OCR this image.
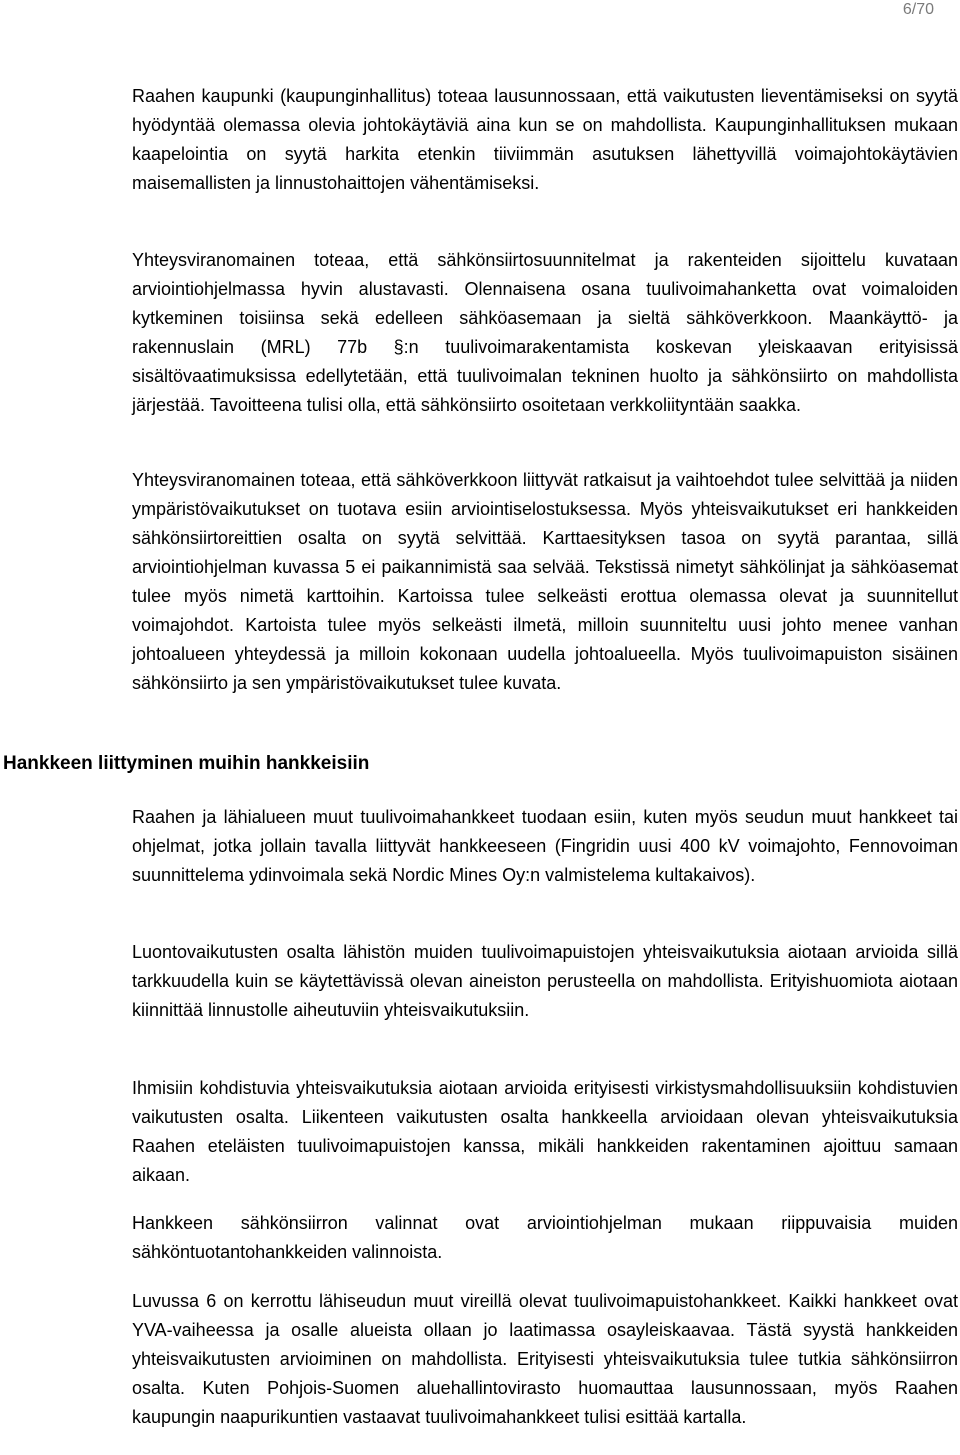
6/70

Raahen kaupunki (kaupunginhallitus) toteaa lausunnossaan, että vaikutusten lieventämiseksi on syytä hyödyntää olemassa olevia johtokäytäviä aina kun se on mahdollista. Kaupunginhallituksen mukaan kaapelointia on syytä harkita etenkin tiiviimmän asutuksen lähettyvillä voimajohtokäytävien maisemallisten ja linnustohaittojen vähentämiseksi.

Yhteysviranomainen toteaa, että sähkönsiirtosuunnitelmat ja rakenteiden sijoittelu kuvataan arviointiohjelmassa hyvin alustavasti. Olennaisena osana tuulivoimahanketta ovat voimaloiden kytkeminen toisiinsa sekä edelleen sähköasemaan ja sieltä sähköverkkoon. Maankäyttö- ja rakennuslain (MRL) 77b §:n tuulivoimarakentamista koskevan yleiskaavan erityisissä sisältövaatimuksissa edellytetään, että tuulivoimalan tekninen huolto ja sähkönsiirto on mahdollista järjestää. Tavoitteena tulisi olla, että sähkönsiirto osoitetaan verkkoliityntään saakka.

Yhteysviranomainen toteaa, että sähköverkkoon liittyvät ratkaisut ja vaihtoehdot tulee selvittää ja niiden ympäristövaikutukset on tuotava esiin arviointiselostuksessa. Myös yhteisvaikutukset eri hankkeiden sähkönsiirtoreittien osalta on syytä selvittää. Karttaesityksen tasoa on syytä parantaa, sillä arviointiohjelman kuvassa 5 ei paikannimistä saa selvää. Tekstissä nimetyt sähkölinjat ja sähköasemat tulee myös nimetä karttoihin. Kartoissa tulee selkeästi erottua olemassa olevat ja suunnitellut voimajohdot. Kartoista tulee myös selkeästi ilmetä, milloin suunniteltu uusi johto menee vanhan johtoalueen yhteydessä ja milloin kokonaan uudella johtoalueella. Myös tuulivoimapuiston sisäinen sähkönsiirto ja sen ympäristövaikutukset tulee kuvata.

Hankkeen liittyminen muihin hankkeisiin

Raahen ja lähialueen muut tuulivoimahankkeet tuodaan esiin, kuten myös seudun muut hankkeet tai ohjelmat, jotka jollain tavalla liittyvät hankkeeseen (Fingridin uusi 400 kV voimajohto, Fennovoiman suunnittelema ydinvoimala sekä Nordic Mines Oy:n valmistelema kultakaivos).

Luontovaikutusten osalta lähistön muiden tuulivoimapuistojen yhteisvaikutuksia aiotaan arvioida sillä tarkkuudella kuin se käytettävissä olevan aineiston perusteella on mahdollista. Erityishuomiota aiotaan kiinnittää linnustolle aiheutuviin yhteisvaikutuksiin.

Ihmisiin kohdistuvia yhteisvaikutuksia aiotaan arvioida erityisesti virkistysmahdollisuuksiin kohdistuvien vaikutusten osalta. Liikenteen vaikutusten osalta hankkeella arvioidaan olevan yhteisvaikutuksia Raahen eteläisten tuulivoimapuistojen kanssa, mikäli hankkeiden rakentaminen ajoittuu samaan aikaan.

Hankkeen sähkönsiirron valinnat ovat arviointiohjelman mukaan riippuvaisia muiden sähköntuotantohankkeiden valinnoista.

Luvussa 6 on kerrottu lähiseudun muut vireillä olevat tuulivoimapuistohankkeet. Kaikki hankkeet ovat YVA-vaiheessa ja osalle alueista ollaan jo laatimassa osayleiskaavaa. Tästä syystä hankkeiden yhteisvaikutusten arvioiminen on mahdollista. Erityisesti yhteisvaikutuksia tulee tutkia sähkönsiirron osalta. Kuten Pohjois-Suomen aluehallintovirasto huomauttaa lausunnossaan, myös Raahen kaupungin naapurikuntien vastaavat tuulivoimahankkeet tulisi esittää kartalla.
